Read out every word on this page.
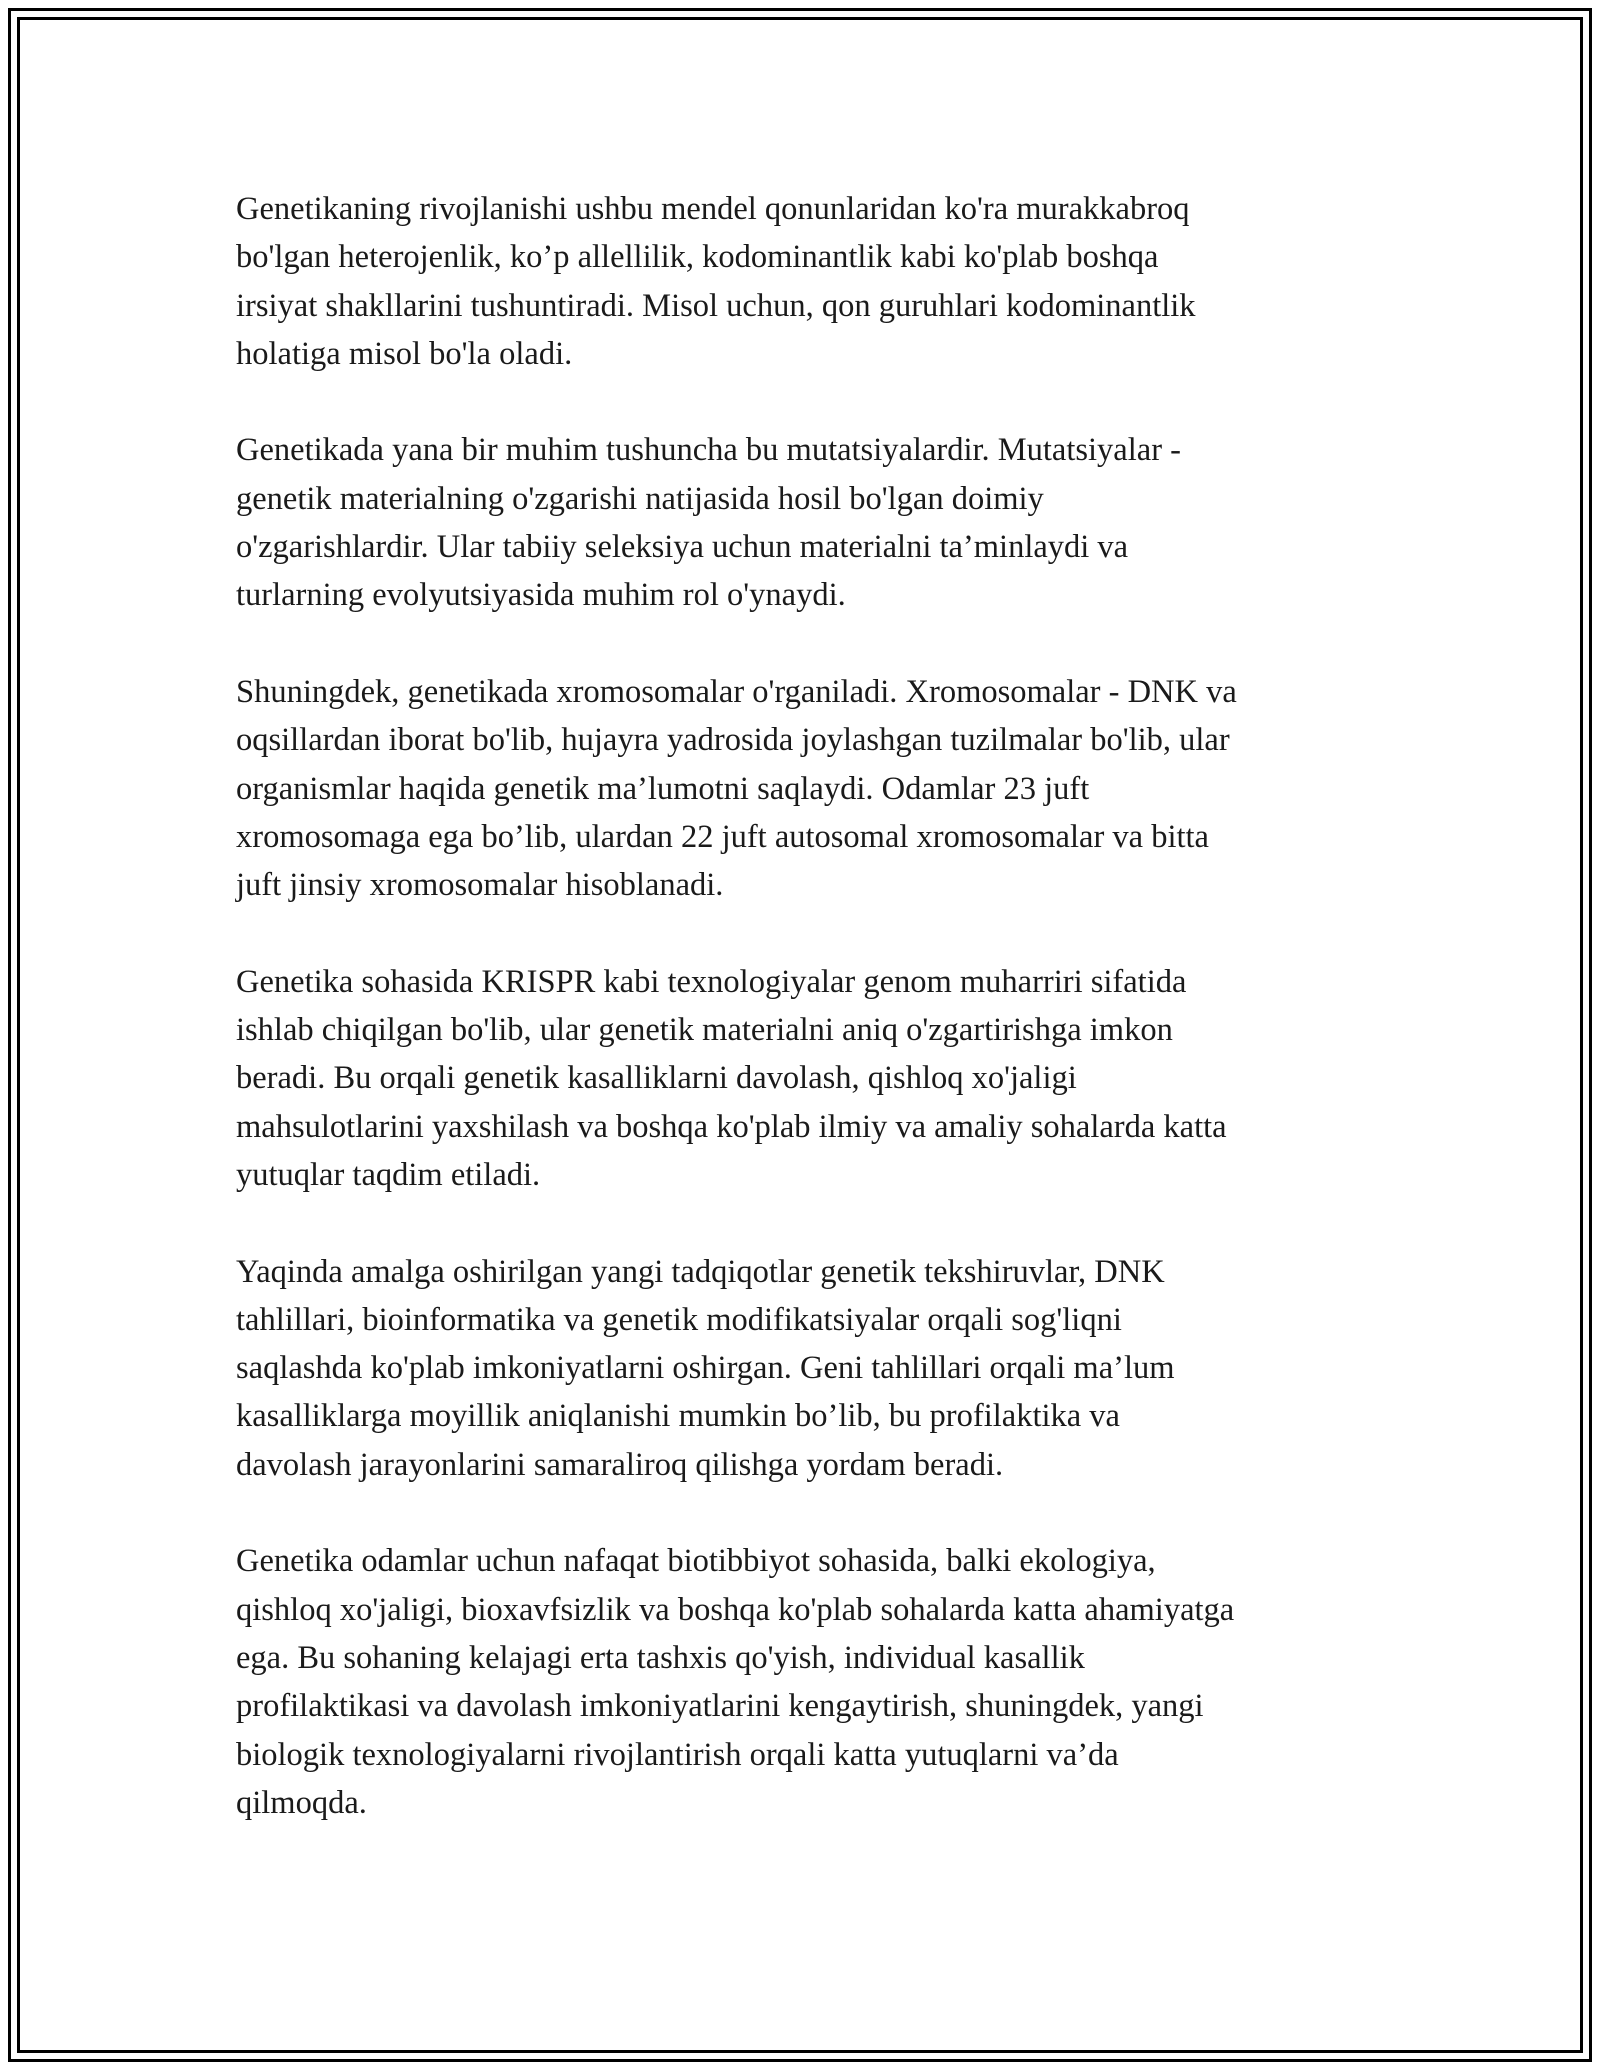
Genetikaning rivojlanishi ushbu mendel qonunlaridan ko'ra murakkabroq
bo'lgan heterojenlik, ko’p allellilik, kodominantlik kabi ko'plab boshqa
irsiyat shakllarini tushuntiradi. Misol uchun, qon guruhlari kodominantlik
holatiga misol bo'la oladi.

Genetikada yana bir muhim tushuncha bu mutatsiyalardir. Mutatsiyalar -
genetik materialning o'zgarishi natijasida hosil bo'lgan doimiy
o'zgarishlardir. Ular tabiiy seleksiya uchun materialni ta’minlaydi va
turlarning evolyutsiyasida muhim rol o'ynaydi.

Shuningdek, genetikada xromosomalar o'rganiladi. Xromosomalar - DNK va
oqsillardan iborat bo'lib, hujayra yadrosida joylashgan tuzilmalar bo'lib, ular
organismlar haqida genetik ma’lumotni saqlaydi. Odamlar 23 juft
xromosomaga ega bo’lib, ulardan 22 juft autosomal xromosomalar va bitta
juft jinsiy xromosomalar hisoblanadi.

Genetika sohasida KRISPR kabi texnologiyalar genom muharriri sifatida
ishlab chiqilgan bo'lib, ular genetik materialni aniq o'zgartirishga imkon
beradi. Bu orqali genetik kasalliklarni davolash, qishloq xo'jaligi
mahsulotlarini yaxshilash va boshqa ko'plab ilmiy va amaliy sohalarda katta
yutuqlar taqdim etiladi.

Yaqinda amalga oshirilgan yangi tadqiqotlar genetik tekshiruvlar, DNK
tahlillari, bioinformatika va genetik modifikatsiyalar orqali sog'liqni
saqlashda ko'plab imkoniyatlarni oshirgan. Geni tahlillari orqali ma’lum
kasalliklarga moyillik aniqlanishi mumkin bo’lib, bu profilaktika va
davolash jarayonlarini samaraliroq qilishga yordam beradi.

Genetika odamlar uchun nafaqat biotibbiyot sohasida, balki ekologiya,
qishloq xo'jaligi, bioxavfsizlik va boshqa ko'plab sohalarda katta ahamiyatga
ega. Bu sohaning kelajagi erta tashxis qo'yish, individual kasallik
profilaktikasi va davolash imkoniyatlarini kengaytirish, shuningdek, yangi
biologik texnologiyalarni rivojlantirish orqali katta yutuqlarni va’da
qilmoqda.
